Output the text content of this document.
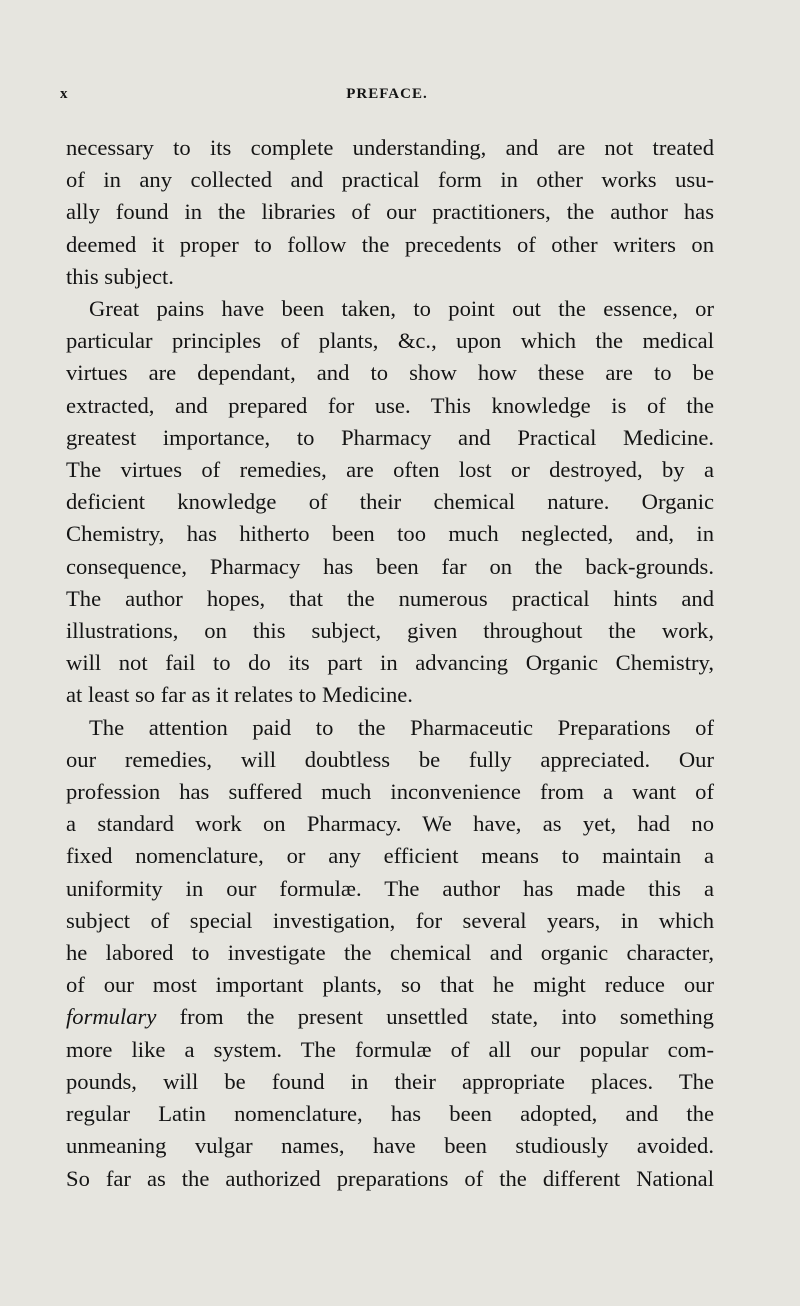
x	PREFACE.
necessary to its complete understanding, and are not treated
of in any collected and practical form in other works usu-
ally found in the libraries of our practitioners, the author has
deemed it proper to follow the precedents of other writers on
this subject.
Great pains have been taken, to point out the essence, or
particular principles of plants, &c., upon which the medical
virtues are dependant, and to show how these are to be
extracted, and prepared for use. This knowledge is of the
greatest importance, to Pharmacy and Practical Medicine.
The virtues of remedies, are often lost or destroyed, by a
deficient knowledge of their chemical nature. Organic
Chemistry, has hitherto been too much neglected, and, in
consequence, Pharmacy has been far on the back-grounds.
The author hopes, that the numerous practical hints and
illustrations, on this subject, given throughout the work,
will not fail to do its part in advancing Organic Chemistry,
at least so far as it relates to Medicine.
The attention paid to the Pharmaceutic Preparations of
our remedies, will doubtless be fully appreciated. Our
profession has suffered much inconvenience from a want of
a standard work on Pharmacy. We have, as yet, had no
fixed nomenclature, or any efficient means to maintain a
uniformity in our formulæ. The author has made this a
subject of special investigation, for several years, in which
he labored to investigate the chemical and organic character,
of our most important plants, so that he might reduce our
formulary from the present unsettled state, into something
more like a system. The formulæ of all our popular com-
pounds, will be found in their appropriate places. The
regular Latin nomenclature, has been adopted, and the
unmeaning vulgar names, have been studiously avoided.
So far as the authorized preparations of the different National
